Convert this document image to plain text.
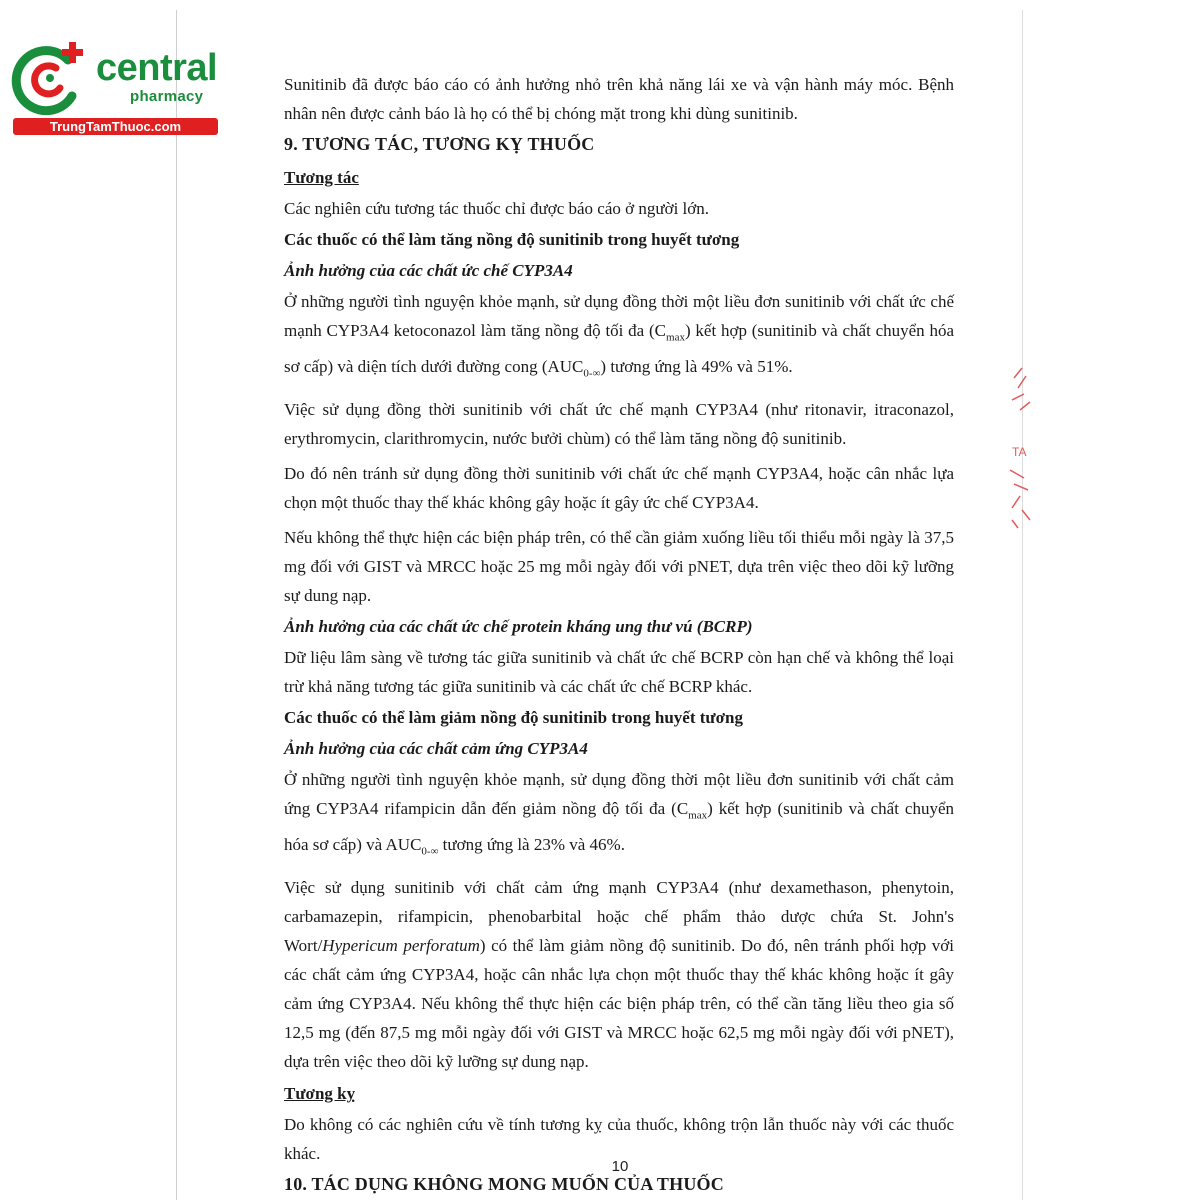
central
pharmacy
TrungTamThuoc.com
TA

Sunitinib đã được báo cáo có ảnh hưởng nhỏ trên khả năng lái xe và vận hành máy móc. Bệnh nhân nên được cảnh báo là họ có thể bị chóng mặt trong khi dùng sunitinib.

9. TƯƠNG TÁC, TƯƠNG KỴ THUỐC

Tương tác

Các nghiên cứu tương tác thuốc chỉ được báo cáo ở người lớn.

Các thuốc có thể làm tăng nồng độ sunitinib trong huyết tương

Ảnh hưởng của các chất ức chế CYP3A4

Ở những người tình nguyện khỏe mạnh, sử dụng đồng thời một liều đơn sunitinib với chất ức chế mạnh CYP3A4 ketoconazol làm tăng nồng độ tối đa $(C_{max})$ kết hợp (sunitinib và chất chuyển hóa sơ cấp) và diện tích dưới đường cong $(AUC_{0-\infty})$ tương ứng là 49% và 51%.

Việc sử dụng đồng thời sunitinib với chất ức chế mạnh CYP3A4 (như ritonavir, itraconazol, erythromycin, clarithromycin, nước bưởi chùm) có thể làm tăng nồng độ sunitinib.

Do đó nên tránh sử dụng đồng thời sunitinib với chất ức chế mạnh CYP3A4, hoặc cân nhắc lựa chọn một thuốc thay thế khác không gây hoặc ít gây ức chế CYP3A4.

Nếu không thể thực hiện các biện pháp trên, có thể cần giảm xuống liều tối thiểu mỗi ngày là 37,5 mg đối với GIST và MRCC hoặc 25 mg mỗi ngày đối với pNET, dựa trên việc theo dõi kỹ lưỡng sự dung nạp.

Ảnh hưởng của các chất ức chế protein kháng ung thư vú (BCRP)

Dữ liệu lâm sàng về tương tác giữa sunitinib và chất ức chế BCRP còn hạn chế và không thể loại trừ khả năng tương tác giữa sunitinib và các chất ức chế BCRP khác.

Các thuốc có thể làm giảm nồng độ sunitinib trong huyết tương

Ảnh hưởng của các chất cảm ứng CYP3A4

Ở những người tình nguyện khỏe mạnh, sử dụng đồng thời một liều đơn sunitinib với chất cảm ứng CYP3A4 rifampicin dẫn đến giảm nồng độ tối đa $(C_{max})$ kết hợp (sunitinib và chất chuyển hóa sơ cấp) và $AUC_{0-\infty}$ tương ứng là 23% và 46%.

Việc sử dụng sunitinib với chất cảm ứng mạnh CYP3A4 (như dexamethason, phenytoin, carbamazepin, rifampicin, phenobarbital hoặc chế phẩm thảo dược chứa St. John's Wort/Hypericum perforatum) có thể làm giảm nồng độ sunitinib. Do đó, nên tránh phối hợp với các chất cảm ứng CYP3A4, hoặc cân nhắc lựa chọn một thuốc thay thế khác không hoặc ít gây cảm ứng CYP3A4. Nếu không thể thực hiện các biện pháp trên, có thể cần tăng liều theo gia số 12,5 mg (đến 87,5 mg mỗi ngày đối với GIST và MRCC hoặc 62,5 mg mỗi ngày đối với pNET), dựa trên việc theo dõi kỹ lưỡng sự dung nạp.

Tương kỵ

Do không có các nghiên cứu về tính tương kỵ của thuốc, không trộn lẫn thuốc này với các thuốc khác.

10. TÁC DỤNG KHÔNG MONG MUỐN CỦA THUỐC

10
